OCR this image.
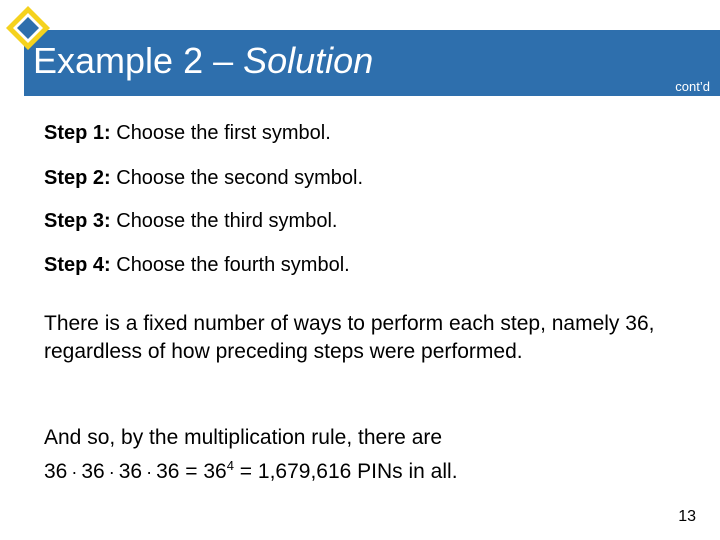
Example 2 – Solution
cont’d
Step 1: Choose the first symbol.
Step 2: Choose the second symbol.
Step 3: Choose the third symbol.
Step 4: Choose the fourth symbol.
There is a fixed number of ways to perform each step, namely 36, regardless of how preceding steps were performed.
And so, by the multiplication rule, there are
$36 \cdot 36 \cdot 36 \cdot 36 = 36^4 = 1,679,616$ PINs in all.
13
